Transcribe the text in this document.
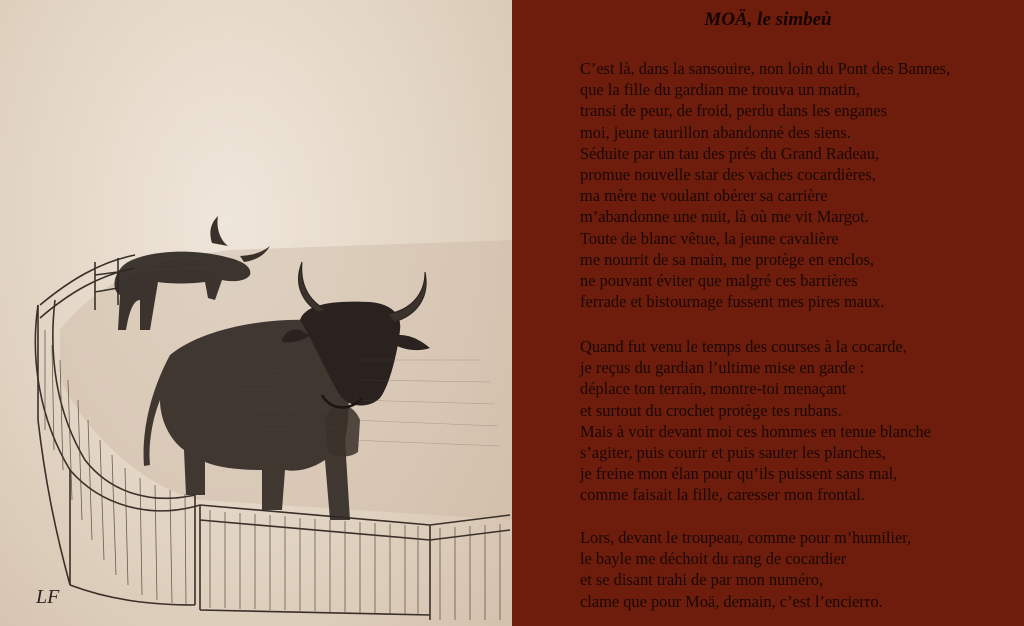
LF
MOÄ, le simbeù
C’est là, dans la sansouire, non loin du Pont des Bannes,
que la fille du gardian me trouva un matin,
transi de peur, de froid, perdu dans les enganes
moi, jeune taurillon abandonné des siens.
Séduite par un tau des prés du Grand Radeau,
promue nouvelle star des vaches cocardières,
ma mère ne voulant obérer sa carrière
m’abandonne une nuit, là où me vit Margot.
Toute de blanc vêtue, la jeune cavalière
me nourrit de sa main, me protège en enclos,
ne pouvant éviter que malgré ces barrières
ferrade et bistournage fussent mes pires maux.
Quand fut venu le temps des courses à la cocarde,
je reçus du gardian l’ultime mise en garde :
déplace ton terrain, montre-toi menaçant
et surtout du crochet protège tes rubans.
Mais à voir devant moi ces hommes en tenue blanche
s’agiter, puis courir et puis sauter les planches,
je freine mon élan pour qu’ils puissent sans mal,
comme faisait la fille, caresser mon frontal.
Lors, devant le troupeau, comme pour m’humilier,
le bayle me déchoit du rang de cocardier
et se disant trahi de par mon numéro,
clame que pour Moä, demain, c’est l’encierro.
